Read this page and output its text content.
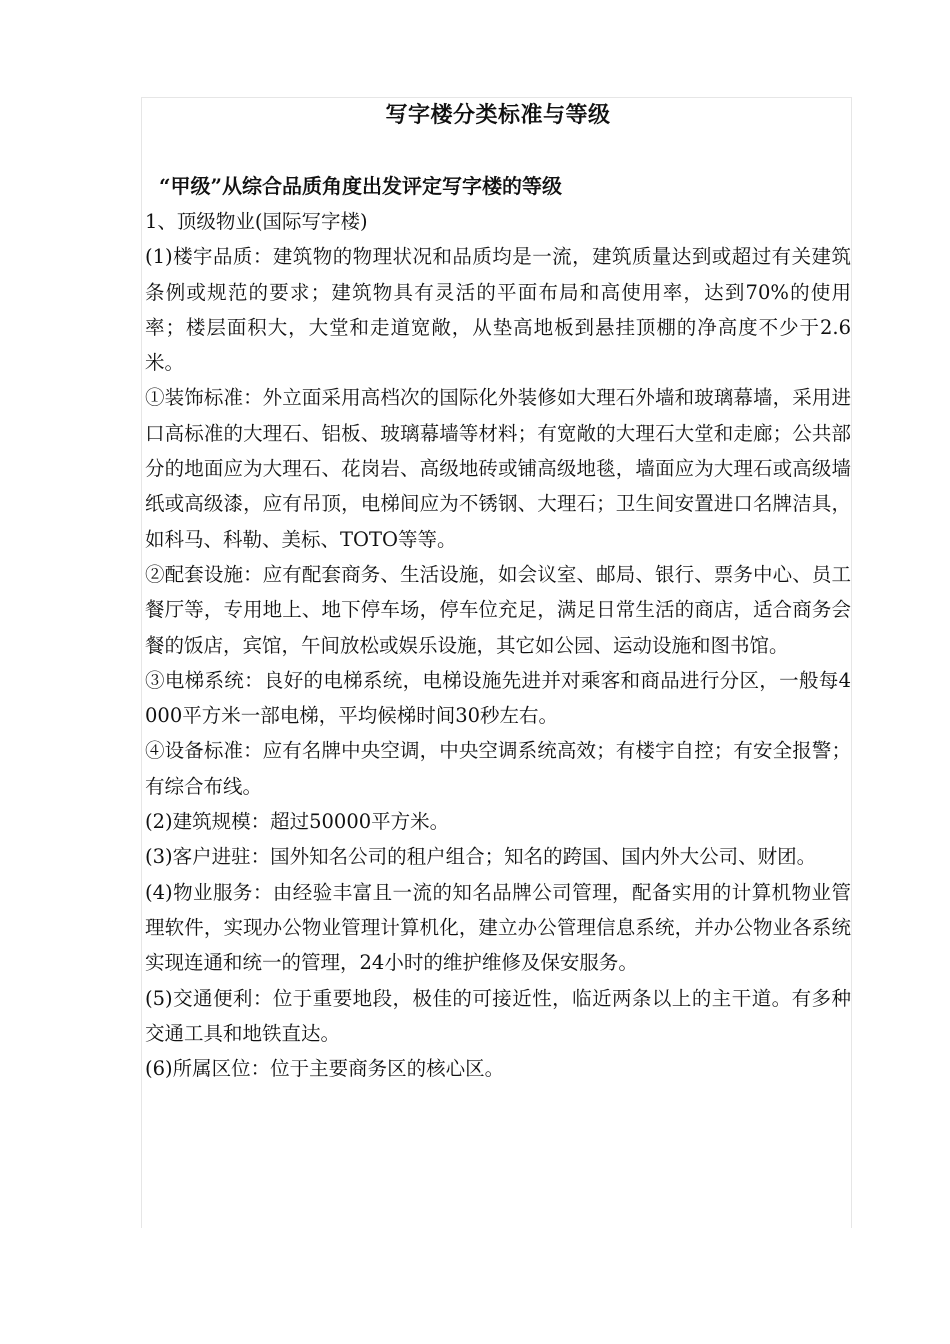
写字楼分类标准与等级
“甲级”从综合品质角度出发评定写字楼的等级

1、顶级物业(国际写字楼)

(1)楼宇品质：建筑物的物理状况和品质均是一流，建筑质量达到或超过有关建筑条例或规范的要求；建筑物具有灵活的平面布局和高使用率，达到70%的使用率；楼层面积大，大堂和走道宽敞，从垫高地板到悬挂顶棚的净高度不少于2.6米。

①装饰标准：外立面采用高档次的国际化外装修如大理石外墙和玻璃幕墙，采用进口高标准的大理石、铝板、玻璃幕墙等材料；有宽敞的大理石大堂和走廊；公共部分的地面应为大理石、花岗岩、高级地砖或铺高级地毯，墙面应为大理石或高级墙纸或高级漆，应有吊顶，电梯间应为不锈钢、大理石；卫生间安置进口名牌洁具，如科马、科勒、美标、TOTO等等。

②配套设施：应有配套商务、生活设施，如会议室、邮局、银行、票务中心、员工餐厅等，专用地上、地下停车场，停车位充足，满足日常生活的商店，适合商务会餐的饭店，宾馆，午间放松或娱乐设施，其它如公园、运动设施和图书馆。

③电梯系统：良好的电梯系统，电梯设施先进并对乘客和商品进行分区，一般每4000平方米一部电梯，平均候梯时间30秒左右。

④设备标准：应有名牌中央空调，中央空调系统高效；有楼宇自控；有安全报警；有综合布线。

(2)建筑规模：超过50000平方米。

(3)客户进驻：国外知名公司的租户组合；知名的跨国、国内外大公司、财团。

(4)物业服务：由经验丰富且一流的知名品牌公司管理，配备实用的计算机物业管理软件，实现办公物业管理计算机化，建立办公管理信息系统，并办公物业各系统实现连通和统一的管理，24小时的维护维修及保安服务。

(5)交通便利：位于重要地段，极佳的可接近性，临近两条以上的主干道。有多种交通工具和地铁直达。

(6)所属区位：位于主要商务区的核心区。
